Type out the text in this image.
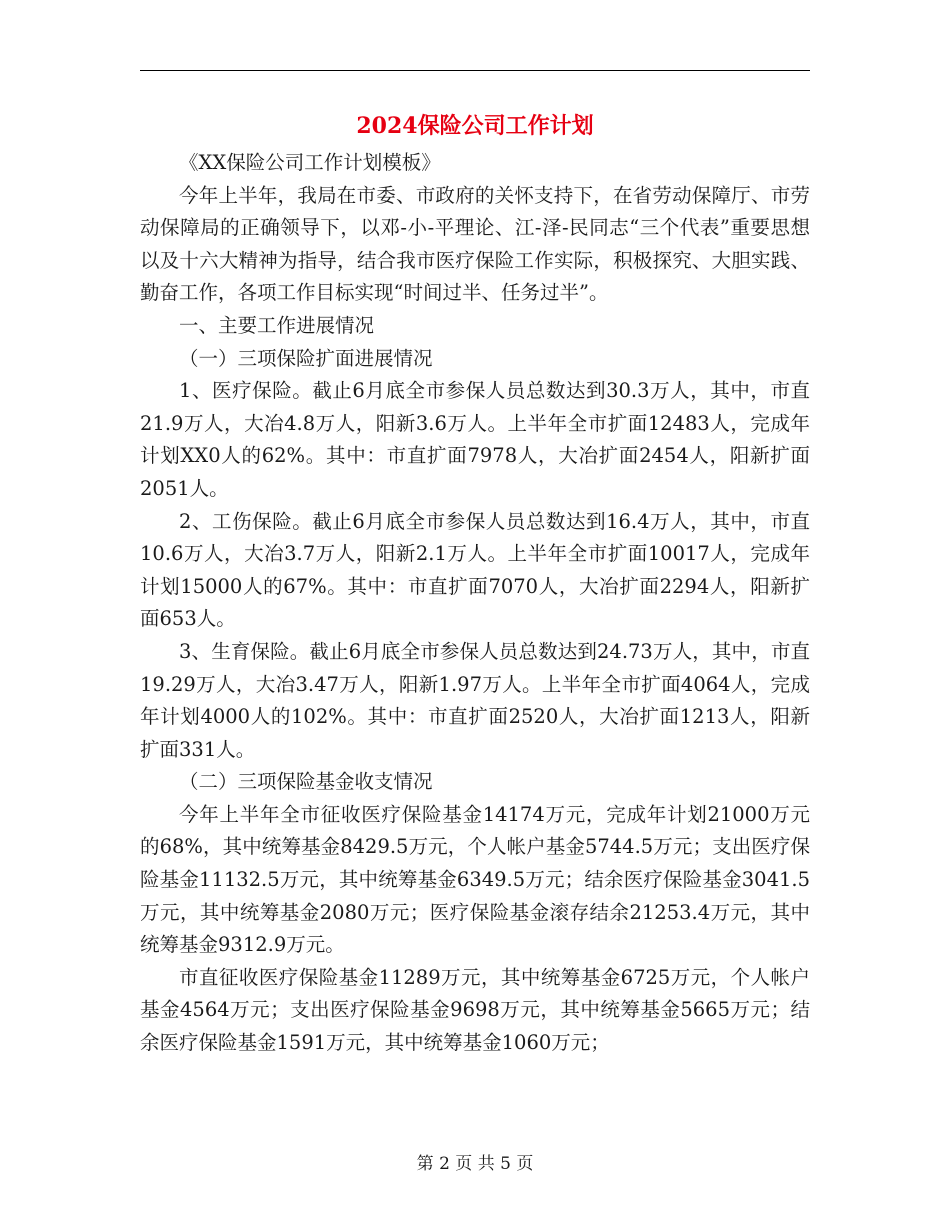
2024保险公司工作计划

《XX保险公司工作计划模板》

今年上半年，我局在市委、市政府的关怀支持下，在省劳动保障厅、市劳动保障局的正确领导下，以邓-小-平理论、江-泽-民同志“三个代表”重要思想以及十六大精神为指导，结合我市医疗保险工作实际，积极探究、大胆实践、勤奋工作，各项工作目标实现“时间过半、任务过半”。

一、主要工作进展情况

（一）三项保险扩面进展情况

1、医疗保险。截止6月底全市参保人员总数达到30.3万人，其中，市直21.9万人，大冶4.8万人，阳新3.6万人。上半年全市扩面12483人，完成年计划XX0人的62%。其中：市直扩面7978人，大冶扩面2454人，阳新扩面2051人。

2、工伤保险。截止6月底全市参保人员总数达到16.4万人，其中，市直10.6万人，大冶3.7万人，阳新2.1万人。上半年全市扩面10017人，完成年计划15000人的67%。其中：市直扩面7070人，大冶扩面2294人，阳新扩面653人。

3、生育保险。截止6月底全市参保人员总数达到24.73万人，其中，市直19.29万人，大冶3.47万人，阳新1.97万人。上半年全市扩面4064人，完成年计划4000人的102%。其中：市直扩面2520人，大冶扩面1213人，阳新扩面331人。

（二）三项保险基金收支情况

今年上半年全市征收医疗保险基金14174万元，完成年计划21000万元的68%，其中统筹基金8429.5万元，个人帐户基金5744.5万元；支出医疗保险基金11132.5万元，其中统筹基金6349.5万元；结余医疗保险基金3041.5万元，其中统筹基金2080万元；医疗保险基金滚存结余21253.4万元，其中统筹基金9312.9万元。

市直征收医疗保险基金11289万元，其中统筹基金6725万元，个人帐户基金4564万元；支出医疗保险基金9698万元，其中统筹基金5665万元；结余医疗保险基金1591万元，其中统筹基金1060万元；

第 2 页 共 5 页
